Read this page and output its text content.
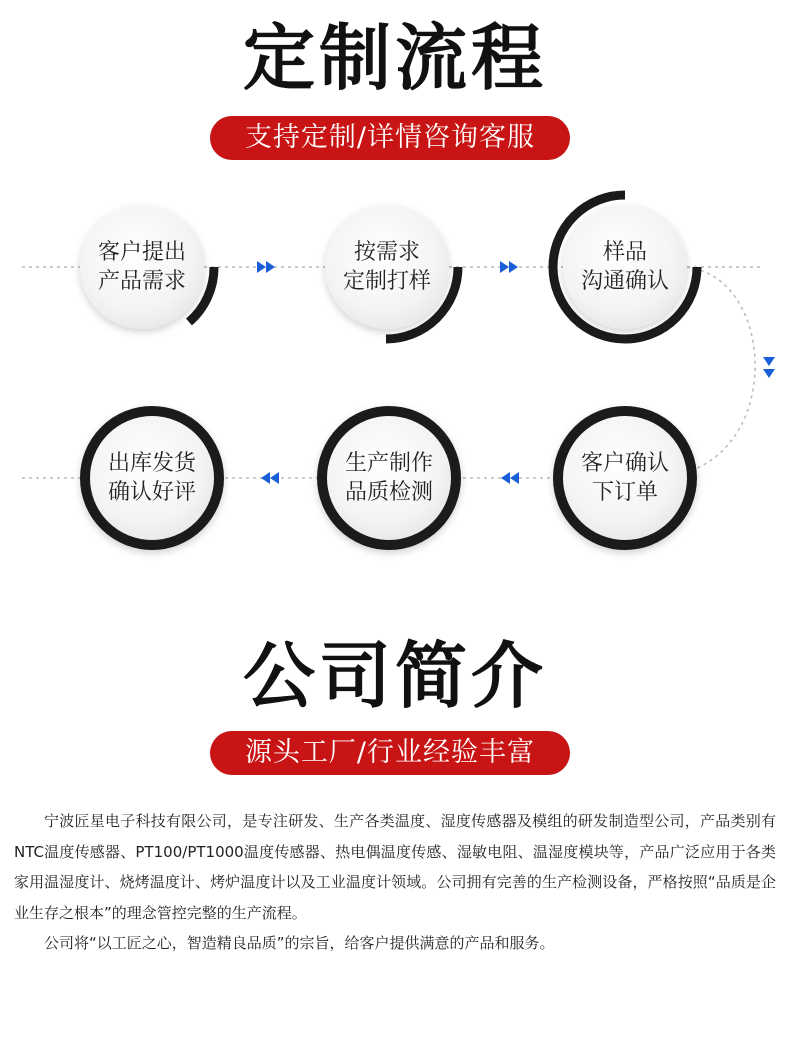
定制流程
支持定制/详情咨询客服
客户提出
产品需求
按需求
定制打样
样品
沟通确认
客户确认
下订单
生产制作
品质检测
出库发货
确认好评
公司简介
源头工厂/行业经验丰富

宁波匠星电子科技有限公司，是专注研发、生产各类温度、湿度传感器及模组的研发制造型公司，产品类别有NTC温度传感器、PT100/PT1000温度传感器、热电偶温度传感、湿敏电阻、温湿度模块等，产品广泛应用于各类家用温湿度计、烧烤温度计、烤炉温度计以及工业温度计领域。公司拥有完善的生产检测设备，严格按照“品质是企业生存之根本”的理念管控完整的生产流程。

公司将“以工匠之心，智造精良品质”的宗旨，给客户提供满意的产品和服务。
